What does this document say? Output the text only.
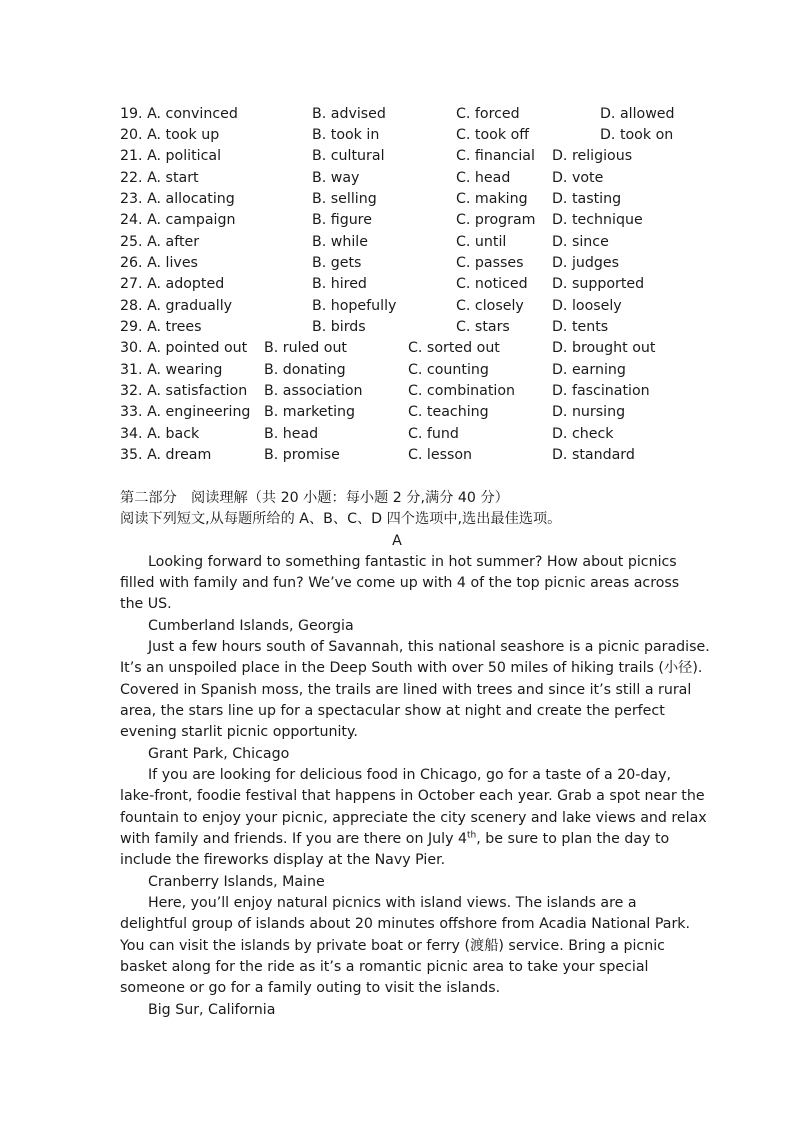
19. A. convinced	B. advised	C. forced	D. allowed
20. A. took up	B. took in	C. took off	D. took on
21. A. political	B. cultural	C. financial D. religious
22. A. start	B. way	C. head	D. vote
23. A. allocating	B. selling	C. making D. tasting
24. A. campaign	B. figure	C. program D. technique
25. A. after	B. while	C. until	D. since
26. A. lives	B. gets	C. passes D. judges
27. A. adopted	B. hired	C. noticed D. supported
28. A. gradually	B. hopefully	C. closely D. loosely
29. A. trees	B. birds	C. stars	D. tents
30. A. pointed out B. ruled out	C. sorted out	D. brought out
31. A. wearing	B. donating	C. counting	D. earning
32. A. satisfaction B. association	C. combination	D. fascination
33. A. engineering B. marketing	C. teaching	D. nursing
34. A. back	B. head	C. fund	D. check
35. A. dream	B. promise	C. lesson	D. standard
第二部分　阅读理解（共 20 小题：每小题 2 分,满分 40 分）
阅读下列短文,从每题所给的 A、B、C、D 四个选项中,选出最佳选项。
A
Looking forward to something fantastic in hot summer? How about picnics
filled with family and fun? We’ve come up with 4 of the top picnic areas across
the US.
Cumberland Islands, Georgia
Just a few hours south of Savannah, this national seashore is a picnic paradise.
It’s an unspoiled place in the Deep South with over 50 miles of hiking trails (小径).
Covered in Spanish moss, the trails are lined with trees and since it’s still a rural
area, the stars line up for a spectacular show at night and create the perfect
evening starlit picnic opportunity.
Grant Park, Chicago
If you are looking for delicious food in Chicago, go for a taste of a 20-day,
lake-front, foodie festival that happens in October each year. Grab a spot near the
fountain to enjoy your picnic, appreciate the city scenery and lake views and relax
with family and friends. If you are there on July 4th, be sure to plan the day to
include the fireworks display at the Navy Pier.
Cranberry Islands, Maine
Here, you’ll enjoy natural picnics with island views. The islands are a
delightful group of islands about 20 minutes offshore from Acadia National Park.
You can visit the islands by private boat or ferry (渡船) service. Bring a picnic
basket along for the ride as it’s a romantic picnic area to take your special
someone or go for a family outing to visit the islands.
Big Sur, California
